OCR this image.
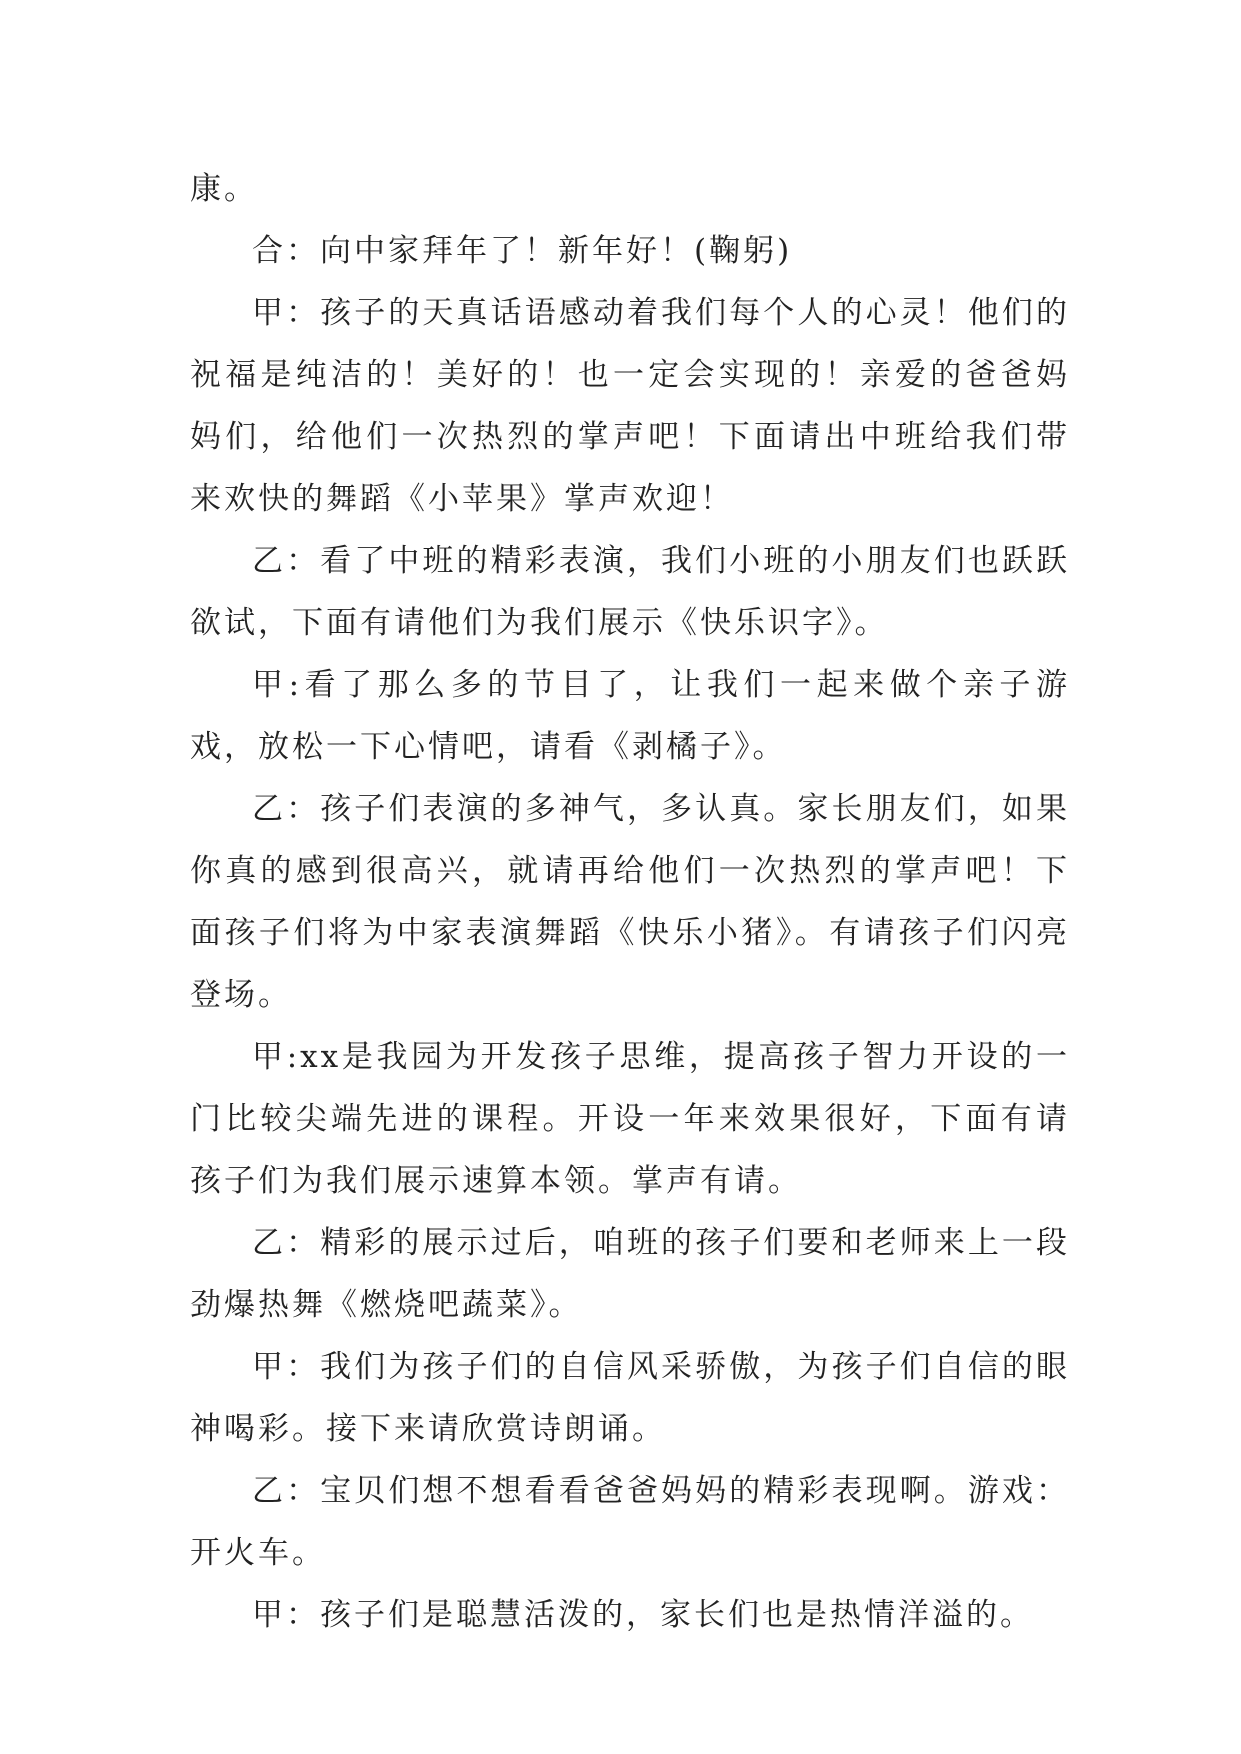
康。

合：向中家拜年了！新年好！(鞠躬)

甲：孩子的天真话语感动着我们每个人的心灵！他们的祝福是纯洁的！美好的！也一定会实现的！亲爱的爸爸妈妈们，给他们一次热烈的掌声吧！下面请出中班给我们带来欢快的舞蹈《小苹果》掌声欢迎！

乙：看了中班的精彩表演，我们小班的小朋友们也跃跃欲试，下面有请他们为我们展示《快乐识字》。

甲:看了那么多的节目了，让我们一起来做个亲子游戏，放松一下心情吧，请看《剥橘子》。

乙：孩子们表演的多神气，多认真。家长朋友们，如果你真的感到很高兴，就请再给他们一次热烈的掌声吧！下面孩子们将为中家表演舞蹈《快乐小猪》。有请孩子们闪亮登场。

甲:xx是我园为开发孩子思维，提高孩子智力开设的一门比较尖端先进的课程。开设一年来效果很好，下面有请孩子们为我们展示速算本领。掌声有请。

乙：精彩的展示过后，咱班的孩子们要和老师来上一段劲爆热舞《燃烧吧蔬菜》。

甲：我们为孩子们的自信风采骄傲，为孩子们自信的眼神喝彩。接下来请欣赏诗朗诵。

乙：宝贝们想不想看看爸爸妈妈的精彩表现啊。游戏：开火车。

甲：孩子们是聪慧活泼的，家长们也是热情洋溢的。
